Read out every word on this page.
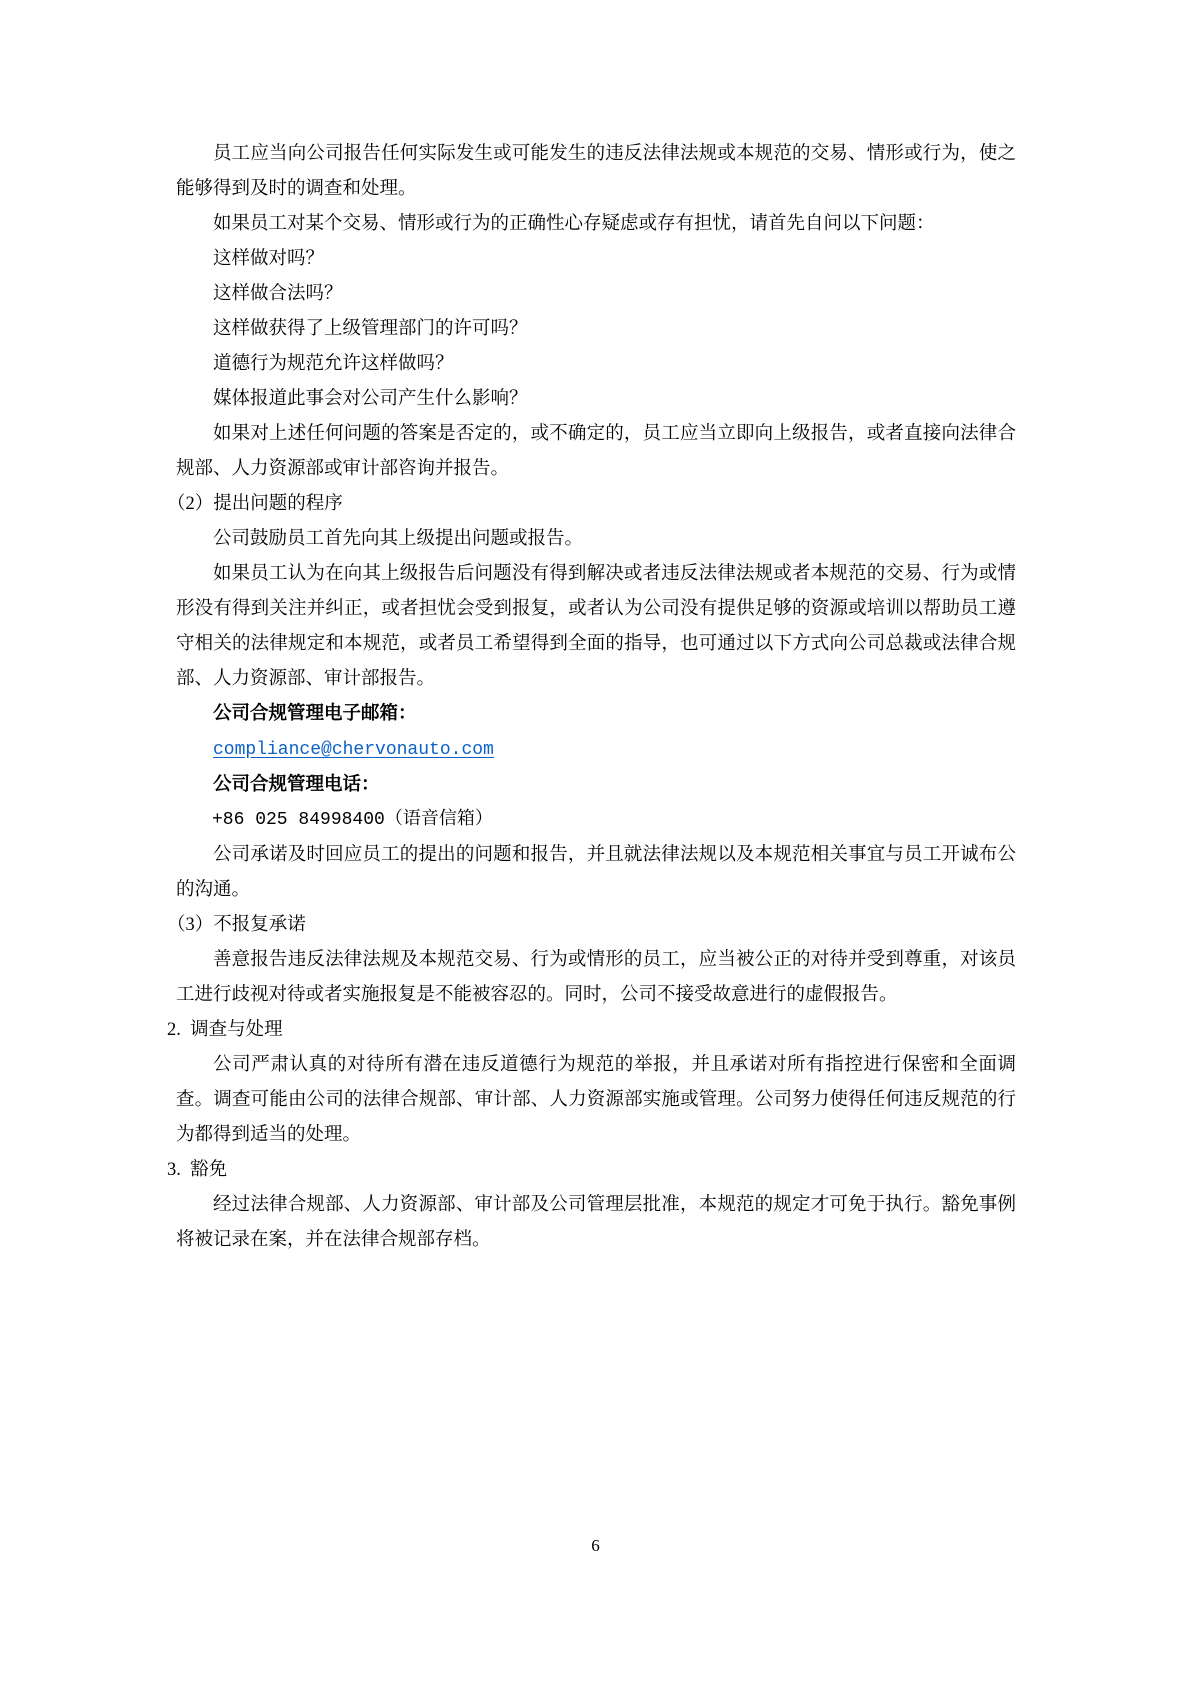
员工应当向公司报告任何实际发生或可能发生的违反法律法规或本规范的交易、情形或行为，使之能够得到及时的调查和处理。

如果员工对某个交易、情形或行为的正确性心存疑虑或存有担忧，请首先自问以下问题：

这样做对吗？

这样做合法吗？

这样做获得了上级管理部门的许可吗？

道德行为规范允许这样做吗？

媒体报道此事会对公司产生什么影响？

如果对上述任何问题的答案是否定的，或不确定的，员工应当立即向上级报告，或者直接向法律合规部、人力资源部或审计部咨询并报告。

（2）提出问题的程序

公司鼓励员工首先向其上级提出问题或报告。

如果员工认为在向其上级报告后问题没有得到解决或者违反法律法规或者本规范的交易、行为或情形没有得到关注并纠正，或者担忧会受到报复，或者认为公司没有提供足够的资源或培训以帮助员工遵守相关的法律规定和本规范，或者员工希望得到全面的指导，也可通过以下方式向公司总裁或法律合规部、人力资源部、审计部报告。

公司合规管理电子邮箱：

compliance@chervonauto.com

公司合规管理电话：

+86 025 84998400（语音信箱）

公司承诺及时回应员工的提出的问题和报告，并且就法律法规以及本规范相关事宜与员工开诚布公的沟通。

（3）不报复承诺

善意报告违反法律法规及本规范交易、行为或情形的员工，应当被公正的对待并受到尊重，对该员工进行歧视对待或者实施报复是不能被容忍的。同时，公司不接受故意进行的虚假报告。

2.  调查与处理

公司严肃认真的对待所有潜在违反道德行为规范的举报，并且承诺对所有指控进行保密和全面调查。调查可能由公司的法律合规部、审计部、人力资源部实施或管理。公司努力使得任何违反规范的行为都得到适当的处理。

3.  豁免

经过法律合规部、人力资源部、审计部及公司管理层批准，本规范的规定才可免于执行。豁免事例将被记录在案，并在法律合规部存档。

6
